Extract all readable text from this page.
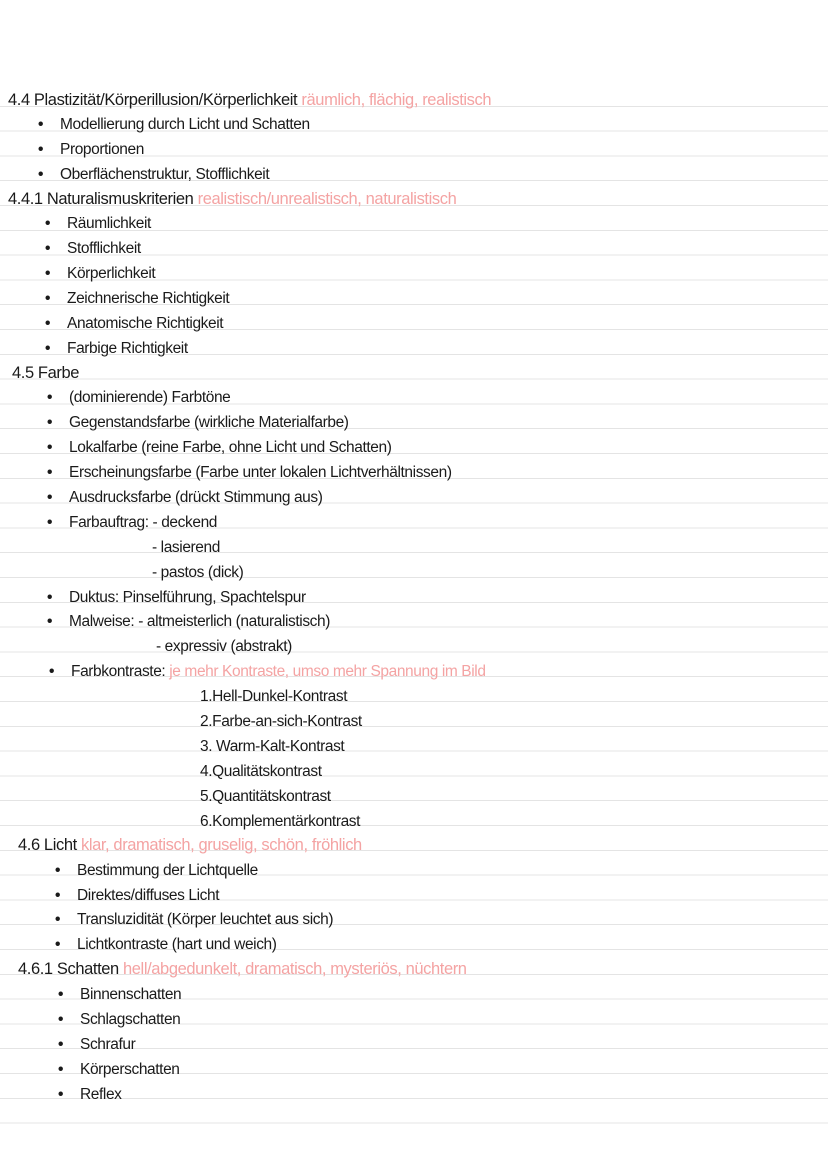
4.4 Plastizität/Körperillusion/Körperlichkeit räumlich, flächig, realistisch
• Modellierung durch Licht und Schatten
• Proportionen
• Oberflächenstruktur, Stofflichkeit
4.4.1 Naturalismuskriterien realistisch/unrealistisch, naturalistisch
• Räumlichkeit
• Stofflichkeit
• Körperlichkeit
• Zeichnerische Richtigkeit
• Anatomische Richtigkeit
• Farbige Richtigkeit
4.5 Farbe
• (dominierende) Farbtöne
• Gegenstandsfarbe (wirkliche Materialfarbe)
• Lokalfarbe (reine Farbe, ohne Licht und Schatten)
• Erscheinungsfarbe (Farbe unter lokalen Lichtverhältnissen)
• Ausdrucksfarbe (drückt Stimmung aus)
• Farbauftrag: - deckend
- lasierend
- pastos (dick)
• Duktus: Pinselführung, Spachtelspur
• Malweise: - altmeisterlich (naturalistisch)
- expressiv (abstrakt)
• Farbkontraste: je mehr Kontraste, umso mehr Spannung im Bild
1.Hell-Dunkel-Kontrast
2.Farbe-an-sich-Kontrast
3. Warm-Kalt-Kontrast
4.Qualitätskontrast
5.Quantitätskontrast
6.Komplementärkontrast
4.6 Licht klar, dramatisch, gruselig, schön, fröhlich
• Bestimmung der Lichtquelle
• Direktes/diffuses Licht
• Transluzidität (Körper leuchtet aus sich)
• Lichtkontraste (hart und weich)
4.6.1 Schatten hell/abgedunkelt, dramatisch, mysteriös, nüchtern
• Binnenschatten
• Schlagschatten
• Schrafur
• Körperschatten
• Reflex
